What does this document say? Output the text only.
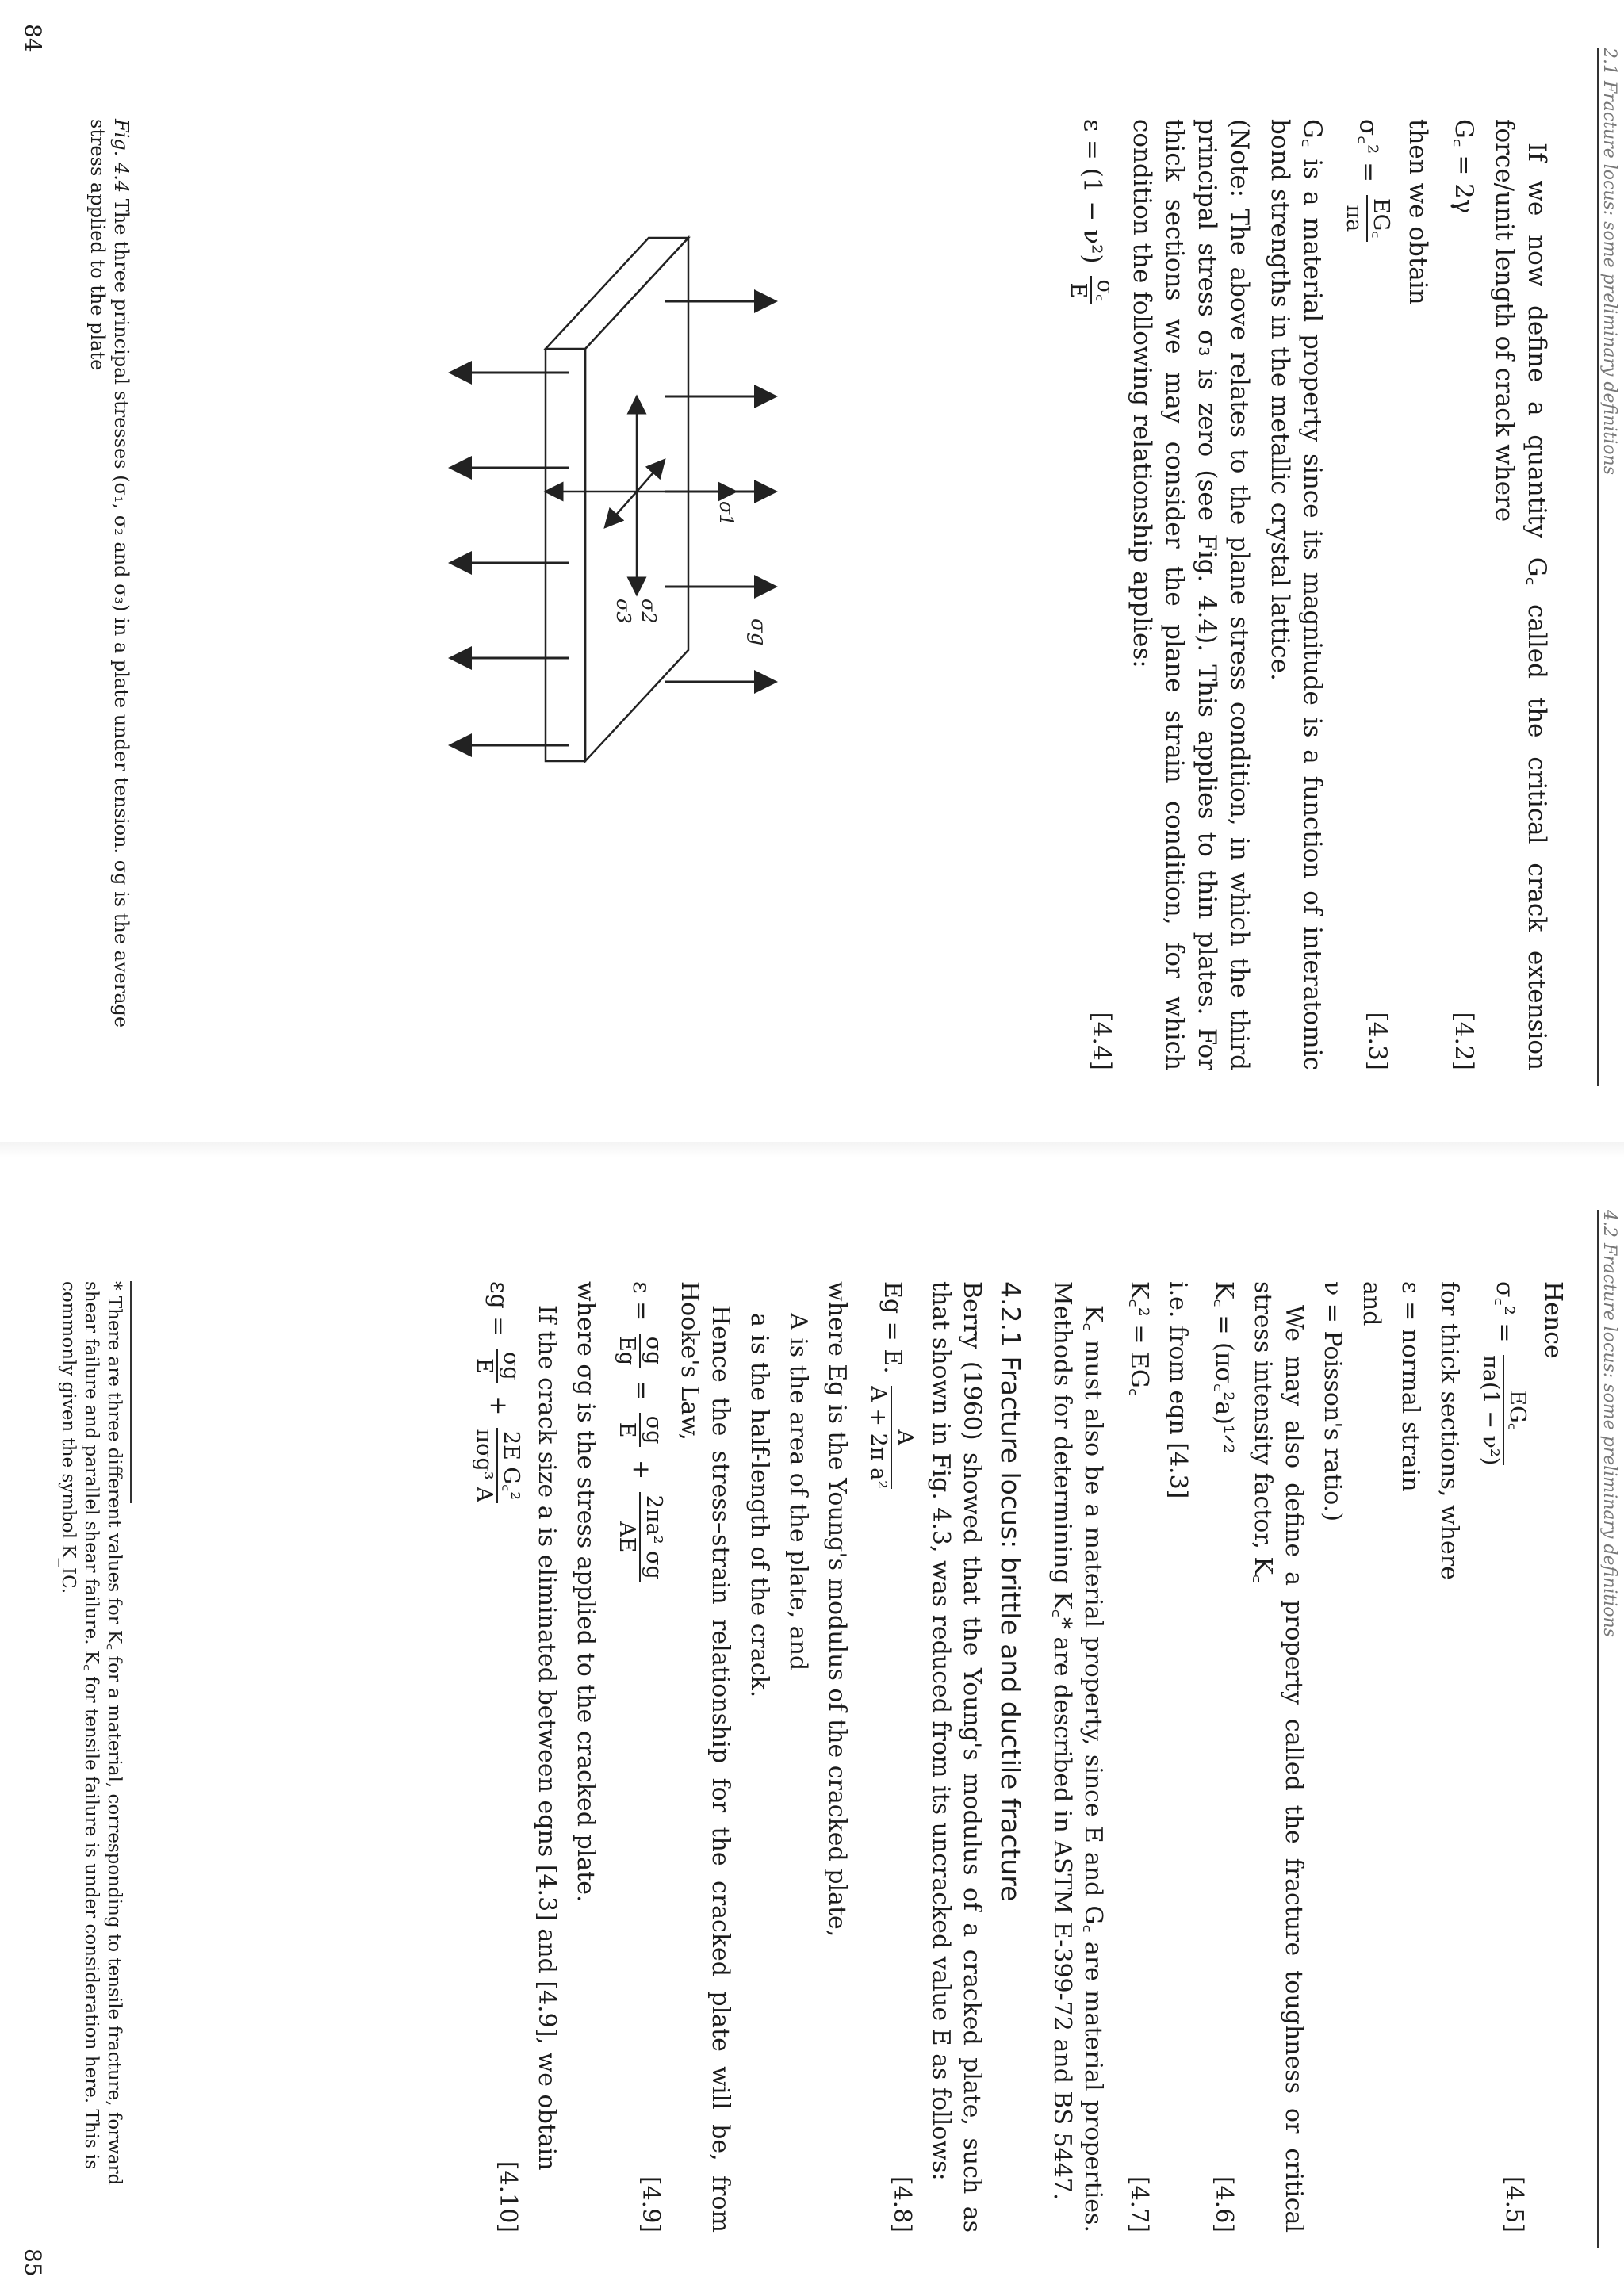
2.1 Fracture locus: some preliminary definitions

If we now define a quantity G꜀ called the critical crack extension force/unit length of crack where

G꜀ = 2γ
[4.2]

then we obtain

σ꜀² =
EG꜀
πa
[4.3]

G꜀ is a material property since its magnitude is a function of interatomic bond strengths in the metallic crystal lattice.

(Note: The above relates to the plane stress condition, in which the third principal stress σ₃ is zero (see Fig. 4.4). This applies to thin plates. For thick sections we may consider the plane strain condition, for which condition the following relationship applies:

ε = (1 − ν²)
σ꜀
E
[4.4]
σg
σ1
σ2
σ3
Fig. 4.4 The three principal stresses (σ₁, σ₂ and σ₃) in a plate under tension. σg is the average stress applied to the plate
84
4.2 Fracture locus: some preliminary definitions

Hence

σ꜀² =
EG꜀
πa(1 − ν²)
[4.5]

for thick sections, where

ε = normal strain

and

ν = Poisson's ratio.)

We may also define a property called the fracture toughness or critical stress intensity factor, K꜀

K꜀ = (πσ꜀²a)¹ᐟ²
[4.6]

i.e. from eqn [4.3]

K꜀² = EG꜀
[4.7]

K꜀ must also be a material property, since E and G꜀ are material properties. Methods for determining K꜀* are described in ASTM E-399-72 and BS 5447.

4.2.1 Fracture locus: brittle and ductile fracture

Berry (1960) showed that the Young's modulus of a cracked plate, such as that shown in Fig. 4.3, was reduced from its uncracked value E as follows:

Eg = E.
A
A + 2π a²
[4.8]

where Eg is the Young's modulus of the cracked plate,

A is the area of the plate, and

a is the half-length of the crack.

Hence the stress–strain relationship for the cracked plate will be, from Hooke's Law,

ε =
σg
Eg
=
σg
E
+
2πa² σg
AE
[4.9]

where σg is the stress applied to the cracked plate.

If the crack size a is eliminated between eqns [4.3] and [4.9], we obtain

εg =
σg
E
+
2E G꜀²
πσg³ A
[4.10]
* There are three different values for K꜀ for a material, corresponding to tensile fracture, forward shear failure and parallel shear failure. K꜀ for tensile failure is under consideration here. This is commonly given the symbol K_IC.
85
